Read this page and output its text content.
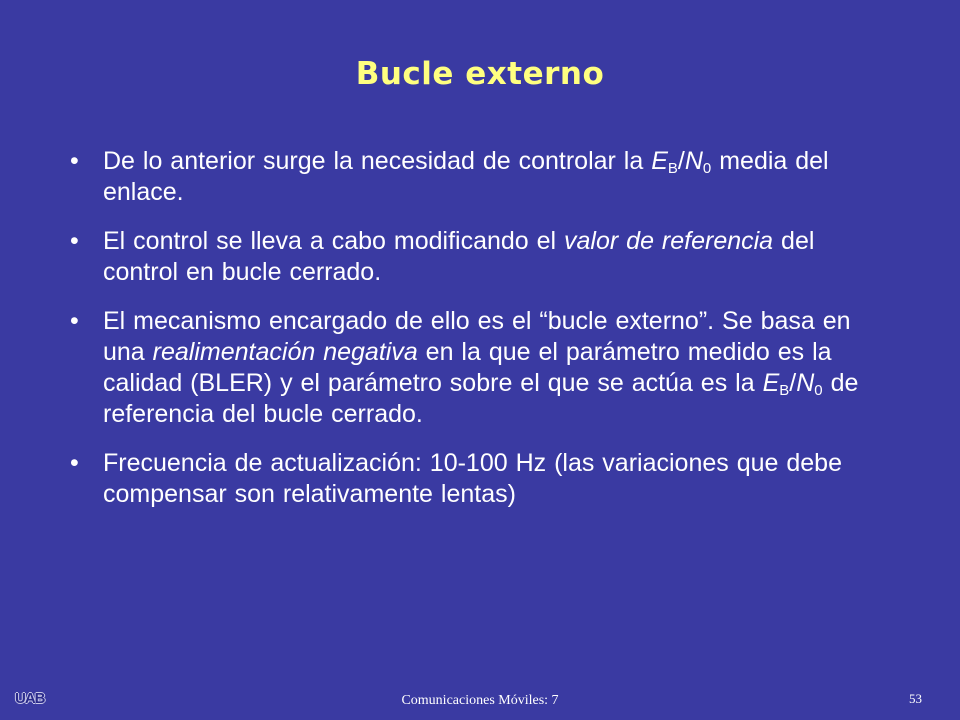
Bucle externo
• De lo anterior surge la necesidad de controlar la $E_B/N_0$ media del enlace.
• El control se lleva a cabo modificando el valor de referencia del control en bucle cerrado.
• El mecanismo encargado de ello es el “bucle externo”. Se basa en una realimentación negativa en la que el parámetro medido es la calidad (BLER) y el parámetro sobre el que se actúa es la $E_B/N_0$ de referencia del bucle cerrado.
• Frecuencia de actualización: 10-100 Hz (las variaciones que debe compensar son relativamente lentas)
UAB	Comunicaciones Móviles: 7	53
